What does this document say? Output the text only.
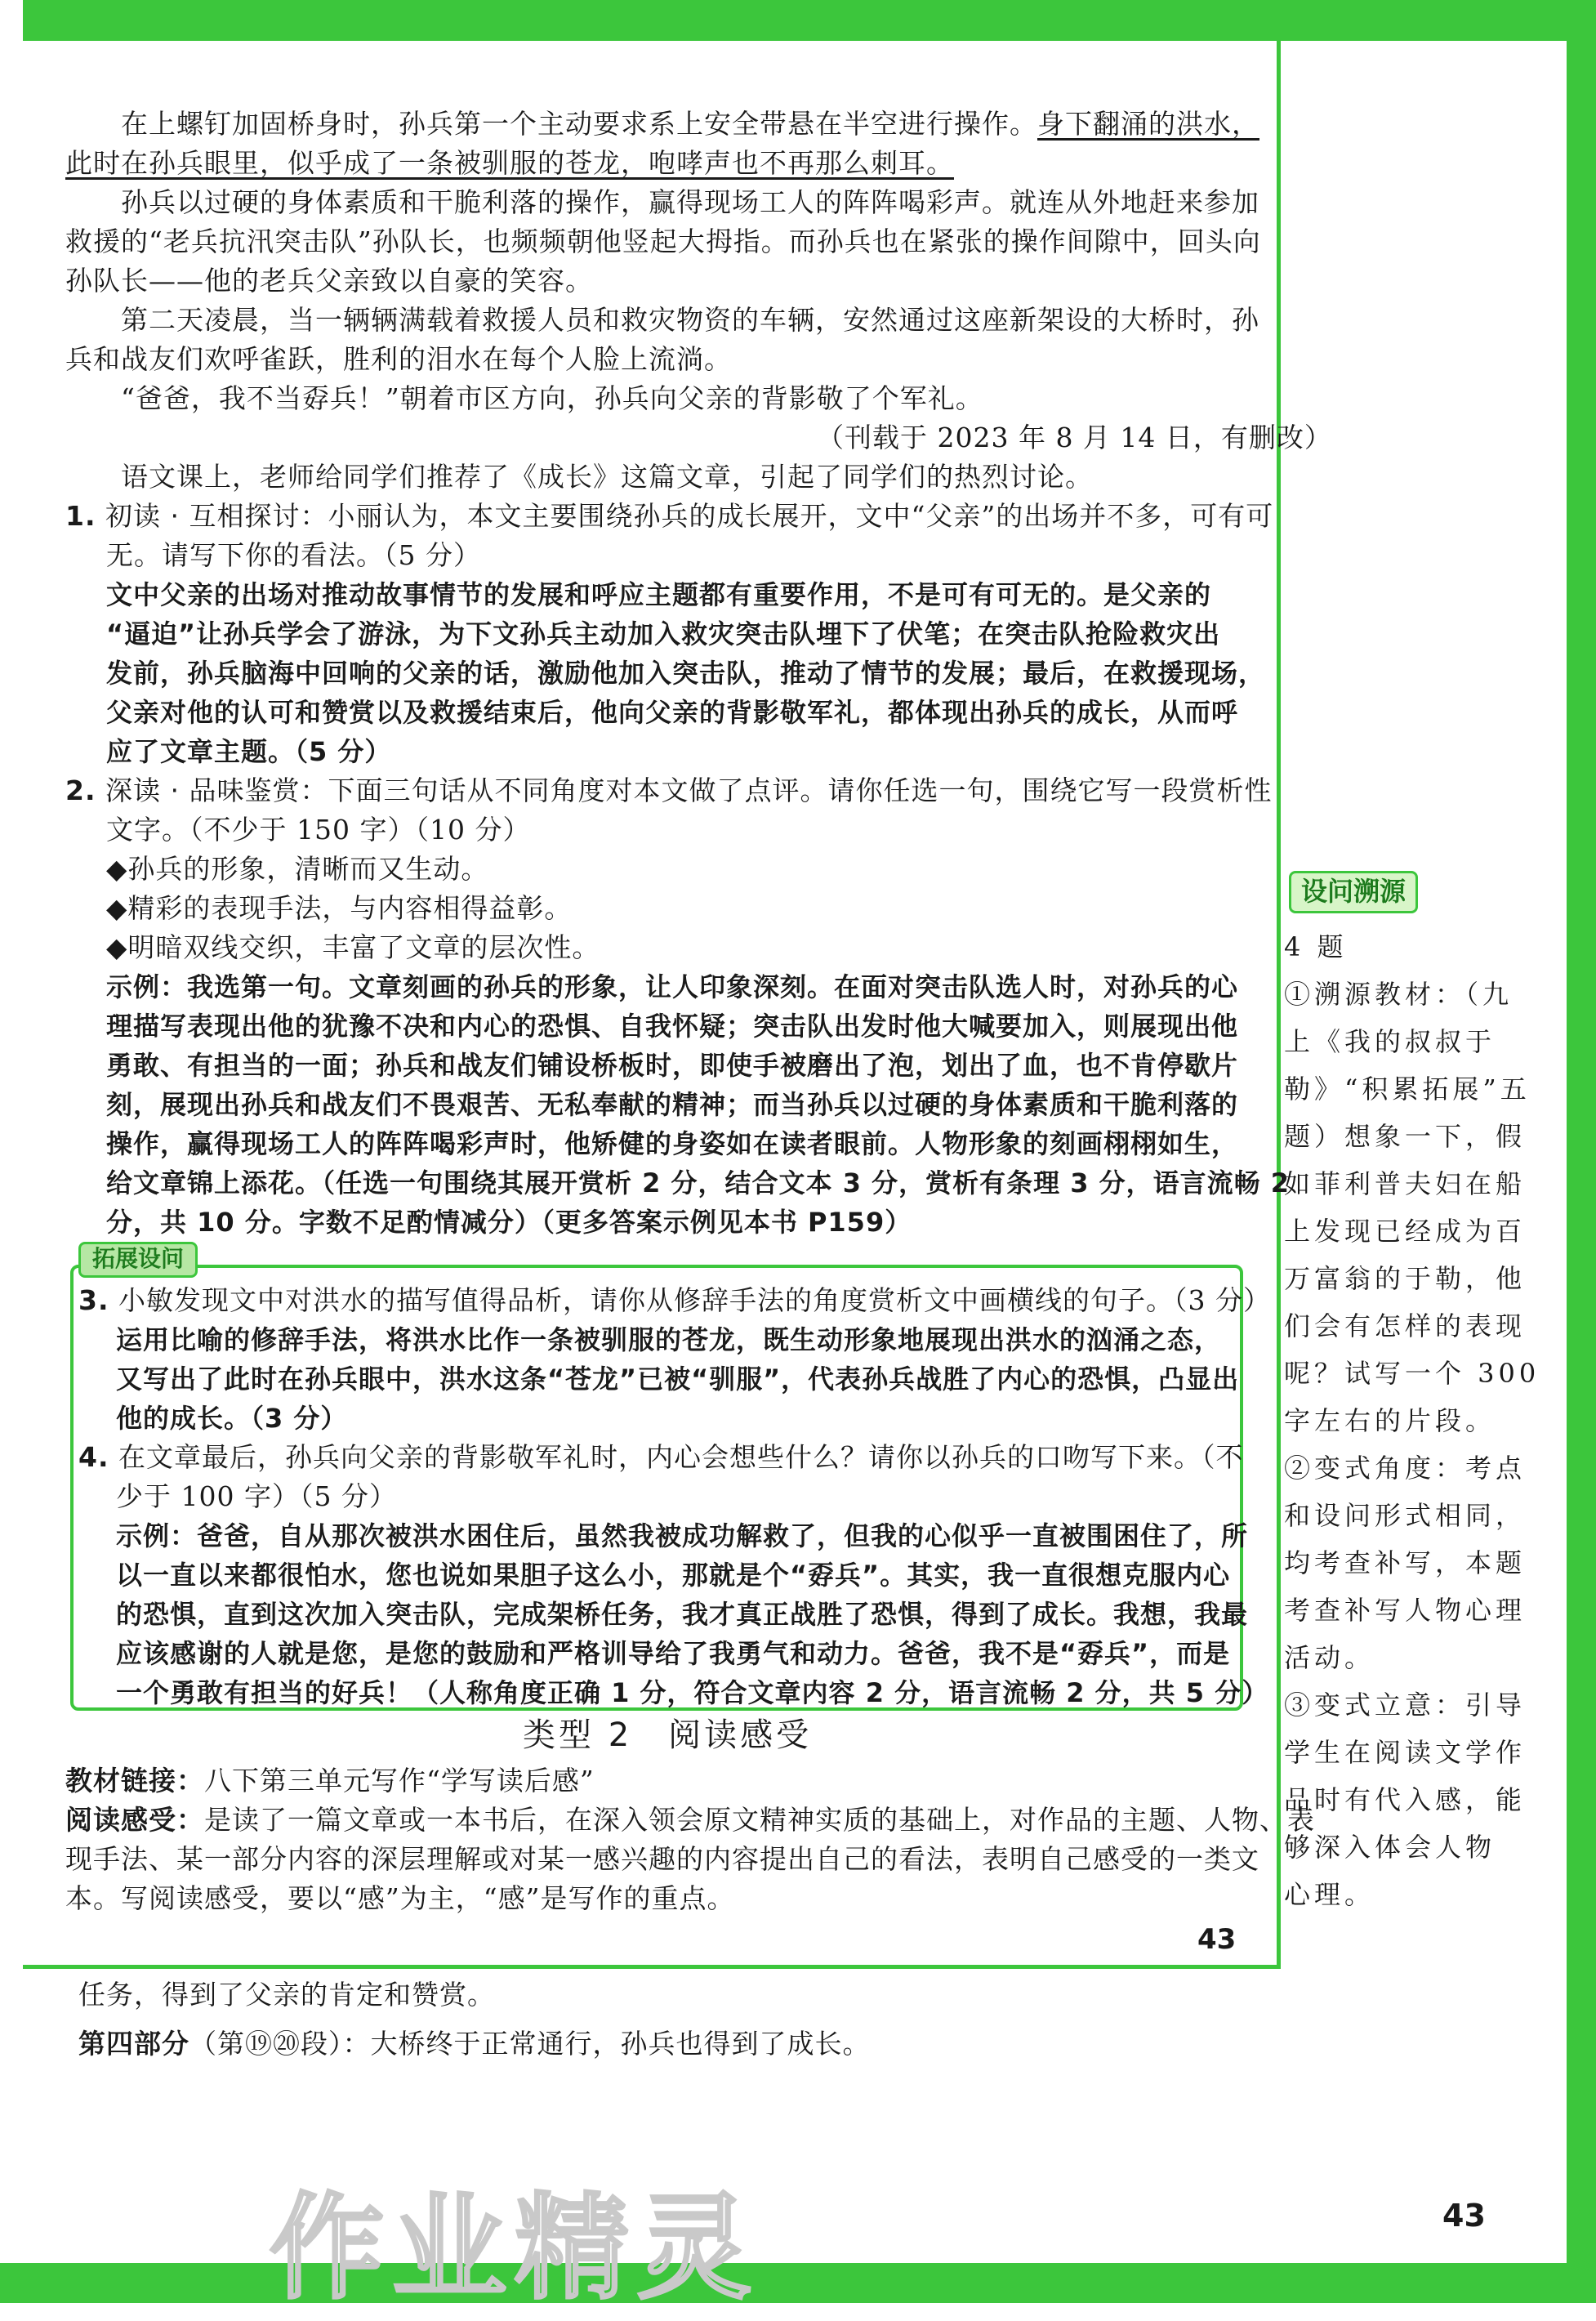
在上螺钉加固桥身时，孙兵第一个主动要求系上安全带悬在半空进行操作。身下翻涌的洪水，
此时在孙兵眼里，似乎成了一条被驯服的苍龙，咆哮声也不再那么刺耳。
孙兵以过硬的身体素质和干脆利落的操作，赢得现场工人的阵阵喝彩声。就连从外地赶来参加
救援的“老兵抗汛突击队”孙队长，也频频朝他竖起大拇指。而孙兵也在紧张的操作间隙中，回头向
孙队长——他的老兵父亲致以自豪的笑容。
第二天凌晨，当一辆辆满载着救援人员和救灾物资的车辆，安然通过这座新架设的大桥时，孙
兵和战友们欢呼雀跃，胜利的泪水在每个人脸上流淌。
“爸爸，我不当孬兵！”朝着市区方向，孙兵向父亲的背影敬了个军礼。
（刊载于 2023 年 8 月 14 日，有删改）
语文课上，老师给同学们推荐了《成长》这篇文章，引起了同学们的热烈讨论。
1. 初读 · 互相探讨：小丽认为，本文主要围绕孙兵的成长展开，文中“父亲”的出场并不多，可有可
无。请写下你的看法。（5 分）
文中父亲的出场对推动故事情节的发展和呼应主题都有重要作用，不是可有可无的。是父亲的
“逼迫”让孙兵学会了游泳，为下文孙兵主动加入救灾突击队埋下了伏笔；在突击队抢险救灾出
发前，孙兵脑海中回响的父亲的话，激励他加入突击队，推动了情节的发展；最后，在救援现场，
父亲对他的认可和赞赏以及救援结束后，他向父亲的背影敬军礼，都体现出孙兵的成长，从而呼
应了文章主题。（5 分）
2. 深读 · 品味鉴赏：下面三句话从不同角度对本文做了点评。请你任选一句，围绕它写一段赏析性
文字。（不少于 150 字）（10 分）
◆孙兵的形象，清晰而又生动。
◆精彩的表现手法，与内容相得益彰。
◆明暗双线交织，丰富了文章的层次性。
示例：我选第一句。文章刻画的孙兵的形象，让人印象深刻。在面对突击队选人时，对孙兵的心
理描写表现出他的犹豫不决和内心的恐惧、自我怀疑；突击队出发时他大喊要加入，则展现出他
勇敢、有担当的一面；孙兵和战友们铺设桥板时，即使手被磨出了泡，划出了血，也不肯停歇片
刻，展现出孙兵和战友们不畏艰苦、无私奉献的精神；而当孙兵以过硬的身体素质和干脆利落的
操作，赢得现场工人的阵阵喝彩声时，他矫健的身姿如在读者眼前。人物形象的刻画栩栩如生，
给文章锦上添花。（任选一句围绕其展开赏析 2 分，结合文本 3 分，赏析有条理 3 分，语言流畅 2
分，共 10 分。字数不足酌情减分）（更多答案示例见本书 P159）
拓展设问
3. 小敏发现文中对洪水的描写值得品析，请你从修辞手法的角度赏析文中画横线的句子。（3 分）
运用比喻的修辞手法，将洪水比作一条被驯服的苍龙，既生动形象地展现出洪水的汹涌之态，
又写出了此时在孙兵眼中，洪水这条“苍龙”已被“驯服”，代表孙兵战胜了内心的恐惧，凸显出
他的成长。（3 分）
4. 在文章最后，孙兵向父亲的背影敬军礼时，内心会想些什么？请你以孙兵的口吻写下来。（不
少于 100 字）（5 分）
示例：爸爸，自从那次被洪水困住后，虽然我被成功解救了，但我的心似乎一直被围困住了，所
以一直以来都很怕水，您也说如果胆子这么小，那就是个“孬兵”。其实，我一直很想克服内心
的恐惧，直到这次加入突击队，完成架桥任务，我才真正战胜了恐惧，得到了成长。我想，我最
应该感谢的人就是您，是您的鼓励和严格训导给了我勇气和动力。爸爸，我不是“孬兵”，而是
一个勇敢有担当的好兵！（人称角度正确 1 分，符合文章内容 2 分，语言流畅 2 分，共 5 分）
类型 2　阅读感受
教材链接：八下第三单元写作“学写读后感”
阅读感受：是读了一篇文章或一本书后，在深入领会原文精神实质的基础上，对作品的主题、人物、表
现手法、某一部分内容的深层理解或对某一感兴趣的内容提出自己的看法，表明自己感受的一类文
本。写阅读感受，要以“感”为主，“感”是写作的重点。
43
设问溯源
任务，得到了父亲的肯定和赞赏。
第四部分（第⑲⑳段）：大桥终于正常通行，孙兵也得到了成长。
43
作业精灵
4 题
①溯源教材：（九
上《我的叔叔于
勒》“积累拓展”五
题）想象一下，假
如菲利普夫妇在船
上发现已经成为百
万富翁的于勒，他
们会有怎样的表现
呢？试写一个 300
字左右的片段。
②变式角度：考点
和设问形式相同，
均考查补写，本题
考查补写人物心理
活动。
③变式立意：引导
学生在阅读文学作
品时有代入感，能
够深入体会人物
心理。
